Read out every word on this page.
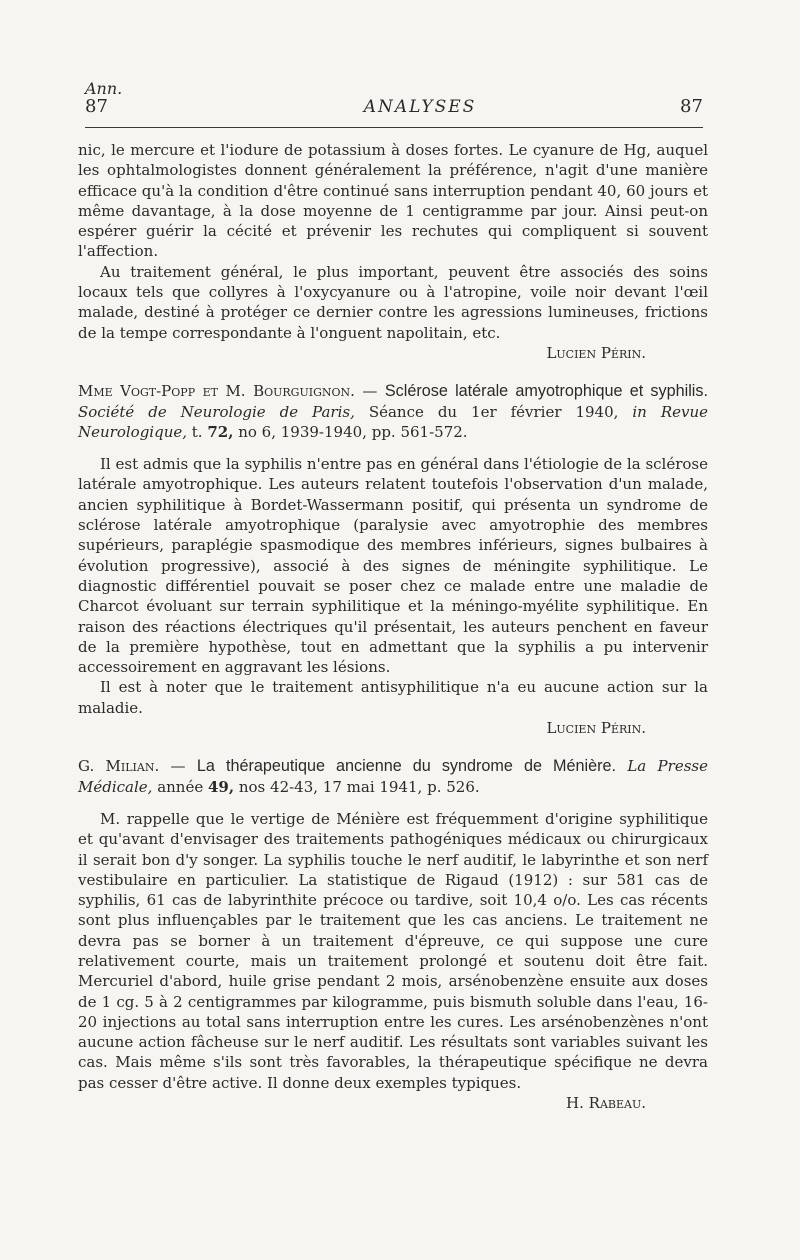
Ann.
87	ANALYSES	87

nic, le mercure et l'iodure de potassium à doses fortes. Le cyanure de Hg, auquel les ophtalmologistes donnent généralement la préférence, n'agit d'une manière efficace qu'à la condition d'être continué sans interruption pendant 40, 60 jours et même davantage, à la dose moyenne de 1 centigramme par jour. Ainsi peut-on espérer guérir la cécité et prévenir les rechutes qui compliquent si souvent l'affection.

Au traitement général, le plus important, peuvent être associés des soins locaux tels que collyres à l'oxycyanure ou à l'atropine, voile noir devant l'œil malade, destiné à protéger ce dernier contre les agressions lumineuses, frictions de la tempe correspondante à l'onguent napolitain, etc.

Lucien Périn.

Mme Vogt-Popp et M. Bourguignon. — Sclérose latérale amyotrophique et syphilis. Société de Neurologie de Paris, Séance du 1er février 1940, in Revue Neurologique, t. 72, no 6, 1939-1940, pp. 561-572.

Il est admis que la syphilis n'entre pas en général dans l'étiologie de la sclérose latérale amyotrophique. Les auteurs relatent toutefois l'observation d'un malade, ancien syphilitique à Bordet-Wassermann positif, qui présenta un syndrome de sclérose latérale amyotrophique (paralysie avec amyotrophie des membres supérieurs, paraplégie spasmodique des membres inférieurs, signes bulbaires à évolution progressive), associé à des signes de méningite syphilitique. Le diagnostic différentiel pouvait se poser chez ce malade entre une maladie de Charcot évoluant sur terrain syphilitique et la méningo-myélite syphilitique. En raison des réactions électriques qu'il présentait, les auteurs penchent en faveur de la première hypothèse, tout en admettant que la syphilis a pu intervenir accessoirement en aggravant les lésions.

Il est à noter que le traitement antisyphilitique n'a eu aucune action sur la maladie.

Lucien Périn.

G. Milian. — La thérapeutique ancienne du syndrome de Ménière. La Presse Médicale, année 49, nos 42-43, 17 mai 1941, p. 526.

M. rappelle que le vertige de Ménière est fréquemment d'origine syphilitique et qu'avant d'envisager des traitements pathogéniques médicaux ou chirurgicaux il serait bon d'y songer. La syphilis touche le nerf auditif, le labyrinthe et son nerf vestibulaire en particulier. La statistique de Rigaud (1912) : sur 581 cas de syphilis, 61 cas de labyrinthite précoce ou tardive, soit 10,4 o/o. Les cas récents sont plus influençables par le traitement que les cas anciens. Le traitement ne devra pas se borner à un traitement d'épreuve, ce qui suppose une cure relativement courte, mais un traitement prolongé et soutenu doit être fait. Mercuriel d'abord, huile grise pendant 2 mois, arsénobenzène ensuite aux doses de 1 cg. 5 à 2 centigrammes par kilogramme, puis bismuth soluble dans l'eau, 16-20 injections au total sans interruption entre les cures. Les arsénobenzènes n'ont aucune action fâcheuse sur le nerf auditif. Les résultats sont variables suivant les cas. Mais même s'ils sont très favorables, la thérapeutique spécifique ne devra pas cesser d'être active. Il donne deux exemples typiques.

H. Rabeau.
